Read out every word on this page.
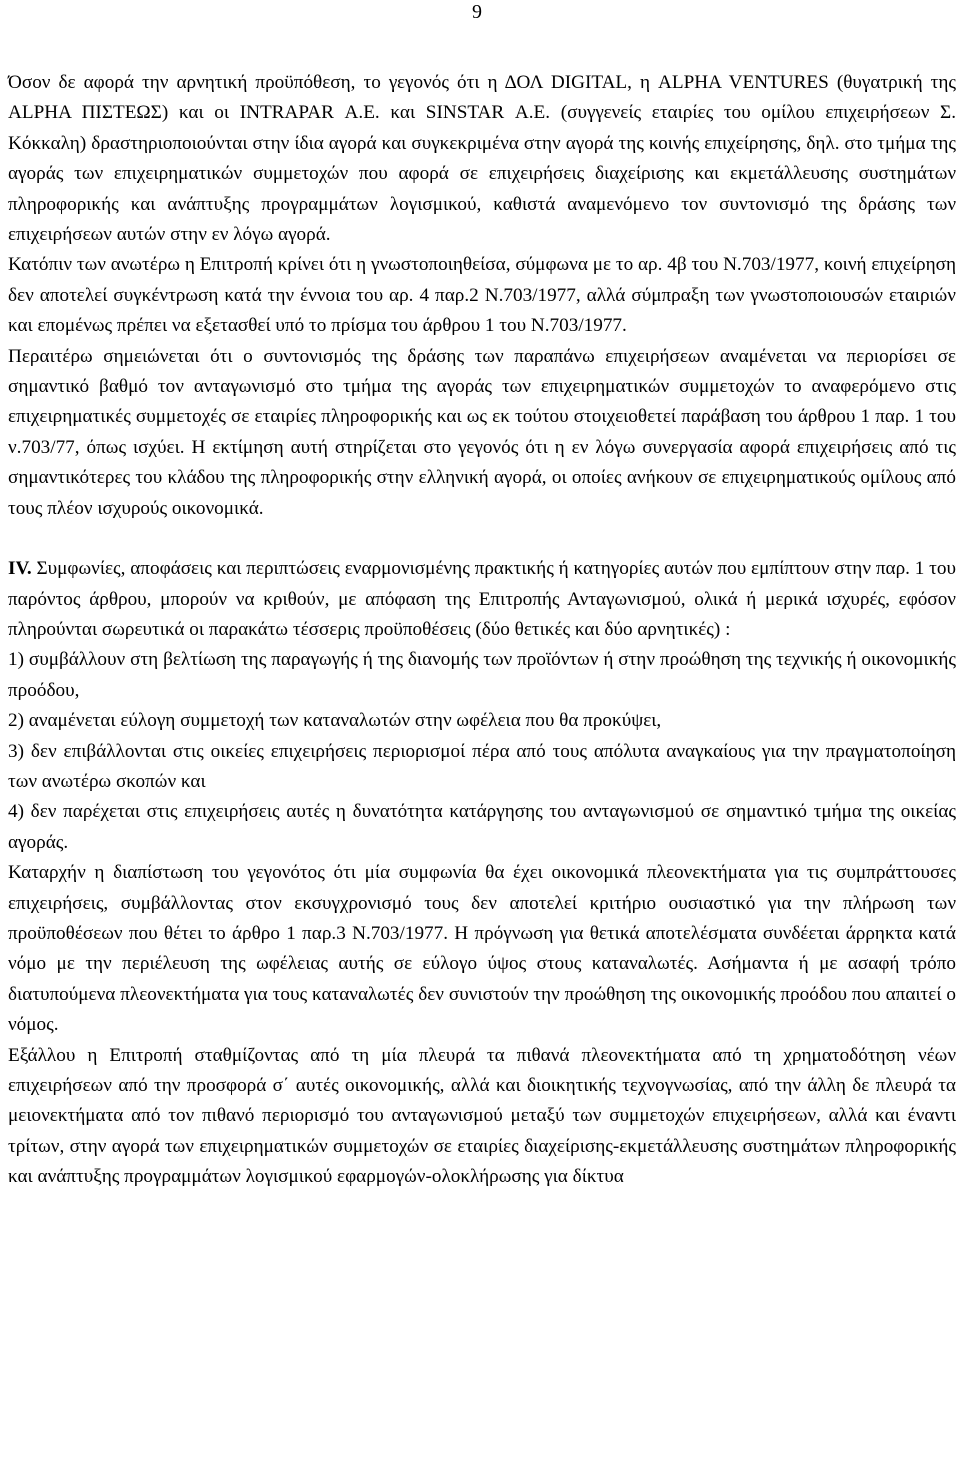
9

Όσον δε αφορά την αρνητική προϋπόθεση, το γεγονός ότι η ΔΟΛ DIGITAL, η ALPHA VENTURES (θυγατρική της ALPHA ΠΙΣΤΕΩΣ) και οι INTRAPAR Α.Ε. και SINSTAR Α.Ε. (συγγενείς εταιρίες του ομίλου επιχειρήσεων Σ. Κόκκαλη) δραστηριοποιούνται στην ίδια αγορά και συγκεκριμένα στην αγορά της κοινής επιχείρησης, δηλ. στο τμήμα της αγοράς των επιχειρηματικών συμμετοχών που αφορά σε επιχειρήσεις διαχείρισης και εκμετάλλευσης συστημάτων πληροφορικής και ανάπτυξης προγραμμάτων λογισμικού, καθιστά αναμενόμενο τον συντονισμό της δράσης των επιχειρήσεων αυτών στην εν λόγω αγορά.

Κατόπιν των ανωτέρω η Επιτροπή κρίνει ότι η γνωστοποιηθείσα, σύμφωνα με το αρ. 4β του Ν.703/1977, κοινή επιχείρηση δεν αποτελεί συγκέντρωση κατά την έννοια του αρ. 4 παρ.2 Ν.703/1977, αλλά σύμπραξη των γνωστοποιουσών εταιριών και επομένως πρέπει να εξετασθεί υπό το πρίσμα του άρθρου 1 του Ν.703/1977.

Περαιτέρω σημειώνεται ότι ο συντονισμός της δράσης των παραπάνω επιχειρήσεων αναμένεται να περιορίσει σε σημαντικό βαθμό τον ανταγωνισμό στο τμήμα της αγοράς των επιχειρηματικών συμμετοχών το αναφερόμενο στις επιχειρηματικές συμμετοχές σε εταιρίες πληροφορικής και ως εκ τούτου στοιχειοθετεί παράβαση του άρθρου 1 παρ. 1 του ν.703/77, όπως ισχύει. Η εκτίμηση αυτή στηρίζεται στο γεγονός ότι η εν λόγω συνεργασία αφορά επιχειρήσεις από τις σημαντικότερες του κλάδου της πληροφορικής στην ελληνική αγορά, οι οποίες ανήκουν σε επιχειρηματικούς ομίλους από τους πλέον ισχυρούς οικονομικά.

IV. Συμφωνίες, αποφάσεις και περιπτώσεις εναρμονισμένης πρακτικής ή κατηγορίες αυτών που εμπίπτουν στην παρ. 1 του παρόντος άρθρου, μπορούν να κριθούν, με απόφαση της Επιτροπής Ανταγωνισμού, ολικά ή μερικά ισχυρές, εφόσον πληρούνται σωρευτικά οι παρακάτω τέσσερις προϋποθέσεις (δύο θετικές και δύο αρνητικές) :

1) συμβάλλουν στη βελτίωση της παραγωγής ή της διανομής των προϊόντων ή στην προώθηση της τεχνικής ή οικονομικής προόδου,

2) αναμένεται εύλογη συμμετοχή των καταναλωτών στην ωφέλεια που θα προκύψει,

3) δεν επιβάλλονται στις οικείες επιχειρήσεις περιορισμοί πέρα από τους απόλυτα αναγκαίους για την πραγματοποίηση των ανωτέρω σκοπών και

4) δεν παρέχεται στις επιχειρήσεις αυτές η δυνατότητα κατάργησης του ανταγωνισμού σε σημαντικό τμήμα της οικείας αγοράς.

Καταρχήν η διαπίστωση του γεγονότος ότι μία συμφωνία θα έχει οικονομικά πλεονεκτήματα για τις συμπράττουσες επιχειρήσεις, συμβάλλοντας στον εκσυγχρονισμό τους δεν αποτελεί κριτήριο ουσιαστικό για την πλήρωση των προϋποθέσεων που θέτει το άρθρο 1 παρ.3 Ν.703/1977. Η πρόγνωση για θετικά αποτελέσματα συνδέεται άρρηκτα κατά νόμο με την περιέλευση της ωφέλειας αυτής σε εύλογο ύψος στους καταναλωτές. Ασήμαντα ή με ασαφή τρόπο διατυπούμενα πλεονεκτήματα για τους καταναλωτές δεν συνιστούν την προώθηση της οικονομικής προόδου που απαιτεί ο νόμος.

Εξάλλου η Επιτροπή σταθμίζοντας από τη μία πλευρά τα πιθανά πλεονεκτήματα από τη χρηματοδότηση νέων επιχειρήσεων από την προσφορά σ΄ αυτές οικονομικής, αλλά και διοικητικής τεχνογνωσίας, από την άλλη δε πλευρά τα μειονεκτήματα από τον πιθανό περιορισμό του ανταγωνισμού μεταξύ των συμμετοχών επιχειρήσεων, αλλά και έναντι τρίτων, στην αγορά των επιχειρηματικών συμμετοχών σε εταιρίες διαχείρισης-εκμετάλλευσης συστημάτων πληροφορικής και ανάπτυξης προγραμμάτων λογισμικού εφαρμογών-ολοκλήρωσης για δίκτυα
